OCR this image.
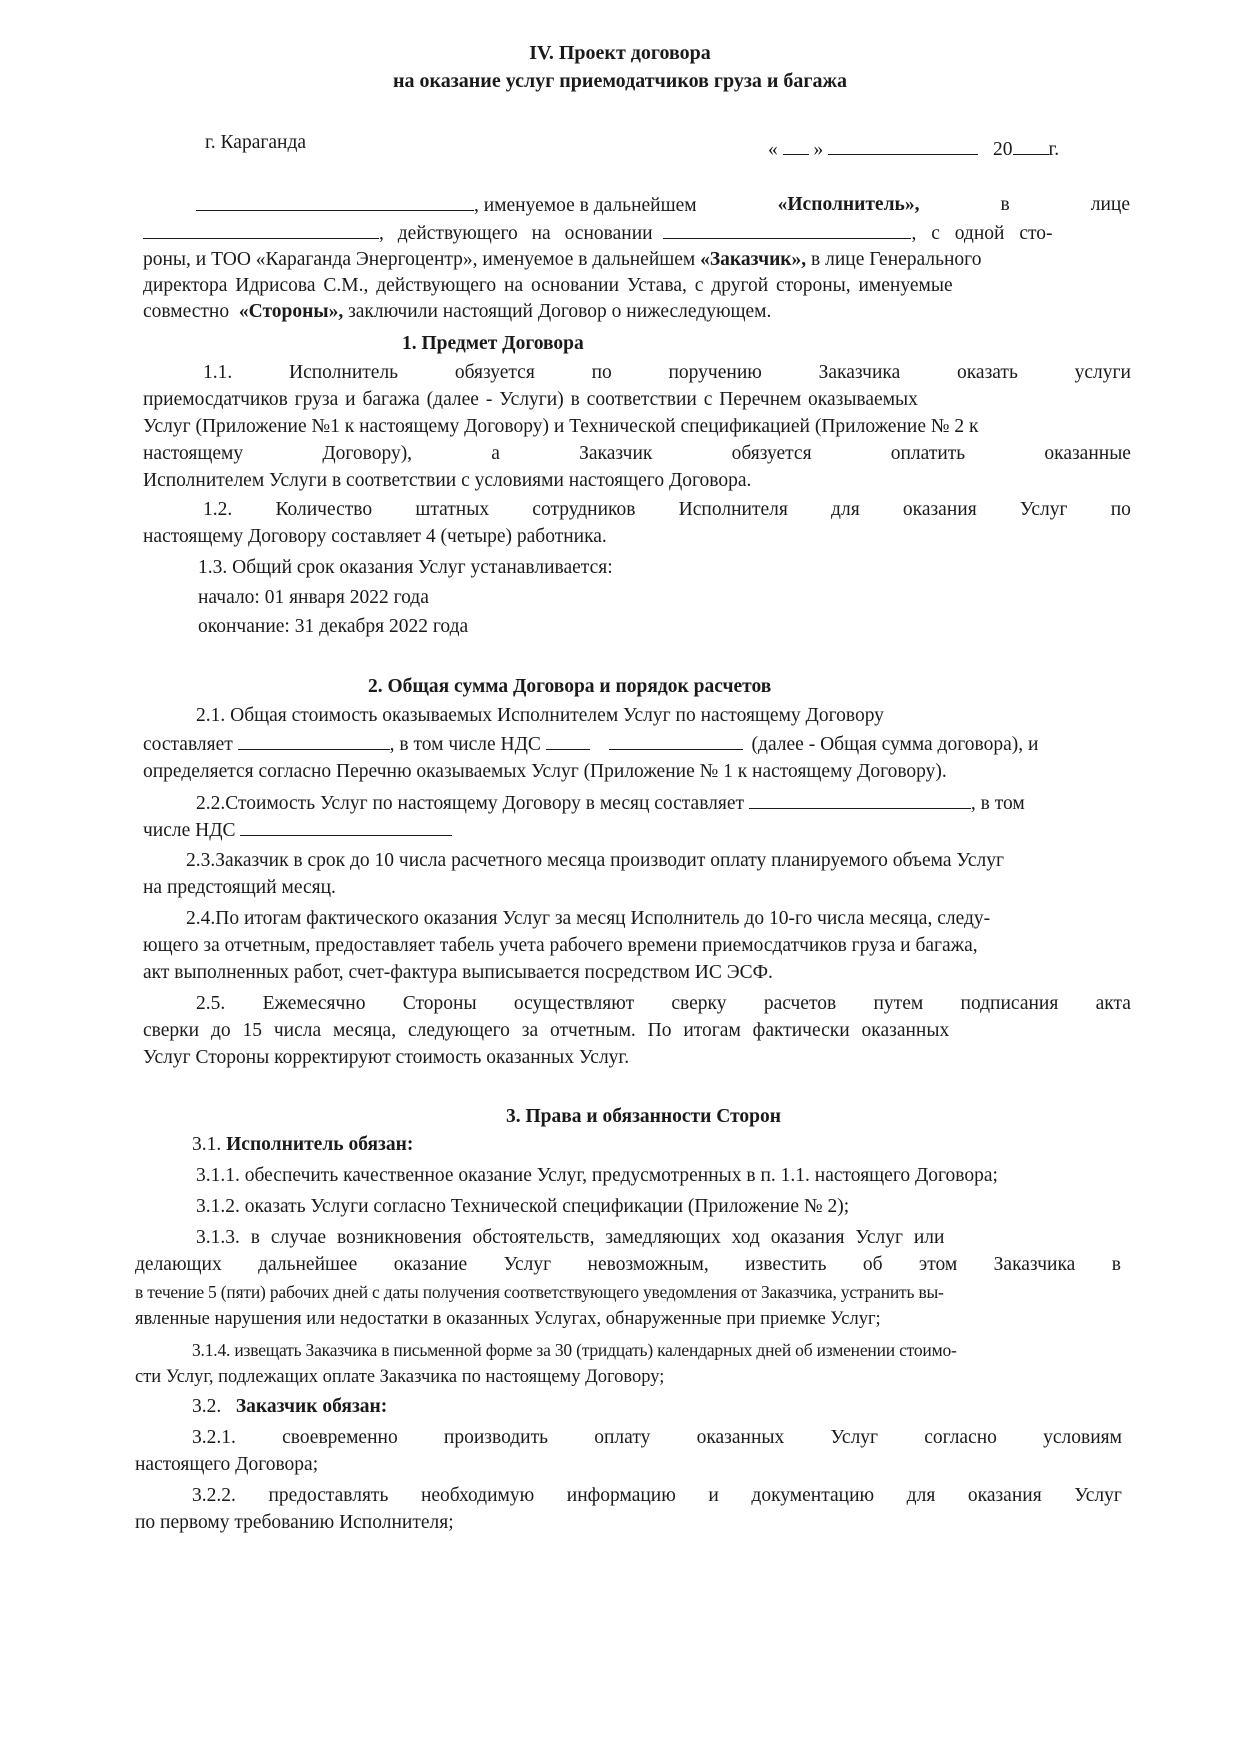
IV. Проект договора
на оказание услуг приемодатчиков груза и багажа
г. Караганда	« »	20 г.
, именуемое в дальнейшем	«Исполнитель»,	в	лице
, действующего на основании	, с одной сто-
роны, и ТОО «Караганда Энергоцентр», именуемое в дальнейшем «Заказчик», в лице Генерального
директора Идрисова С.М., действующего на основании Устава, с другой стороны, именуемые
совместно «Стороны», заключили настоящий Договор о нижеследующем.
1. Предмет Договора
1.1.	Исполнитель	обязуется	по	поручению	Заказчика	оказать	услуги
приемосдатчиков груза и багажа (далее - Услуги) в соответствии с Перечнем оказываемых
Услуг (Приложение №1 к настоящему Договору) и Технической спецификацией (Приложение № 2 к
настоящему	Договору),	а	Заказчик	обязуется	оплатить	оказанные
Исполнителем Услуги в соответствии с условиями настоящего Договора.
1.2. Количество штатных сотрудников Исполнителя для оказания Услуг по
настоящему Договору составляет 4 (четыре) работника.
1.3. Общий срок оказания Услуг устанавливается:
начало: 01 января 2022 года
окончание: 31 декабря 2022 года
2. Общая сумма Договора и порядок расчетов
2.1. Общая стоимость оказываемых Исполнителем Услуг по настоящему Договору
составляет	, в том числе НДС	(далее - Общая сумма договора), и
определяется согласно Перечню оказываемых Услуг (Приложение № 1 к настоящему Договору).
2.2.Стоимость Услуг по настоящему Договору в месяц составляет	, в том
числе НДС
2.3.Заказчик в срок до 10 числа расчетного месяца производит оплату планируемого объема Услуг
на предстоящий месяц.
2.4.По итогам фактического оказания Услуг за месяц Исполнитель до 10-го числа месяца, следу-
ющего за отчетным, предоставляет табель учета рабочего времени приемосдатчиков груза и багажа,
акт выполненных работ, счет-фактура выписывается посредством ИС ЭСФ.
2.5. Ежемесячно Стороны осуществляют сверку расчетов путем подписания акта
сверки до 15 числа месяца, следующего за отчетным. По итогам фактически оказанных
Услуг Стороны корректируют стоимость оказанных Услуг.
3. Права и обязанности Сторон
3.1. Исполнитель обязан:
3.1.1. обеспечить качественное оказание Услуг, предусмотренных в п. 1.1. настоящего Договора;
3.1.2. оказать Услуги согласно Технической спецификации (Приложение № 2);
3.1.3. в случае возникновения обстоятельств, замедляющих ход оказания Услуг или
делающих дальнейшее оказание Услуг невозможным, известить об этом Заказчика в
в течение 5 (пяти) рабочих дней с даты получения соответствующего уведомления от Заказчика, устранить вы-
явленные нарушения или недостатки в оказанных Услугах, обнаруженные при приемке Услуг;
3.1.4. извещать Заказчика в письменной форме за 30 (тридцать) календарных дней об изменении стоимо-
сти Услуг, подлежащих оплате Заказчика по настоящему Договору;
3.2. Заказчик обязан:
3.2.1. своевременно производить оплату оказанных Услуг согласно условиям
настоящего Договора;
3.2.2. предоставлять необходимую информацию и документацию для оказания Услуг
по первому требованию Исполнителя;
